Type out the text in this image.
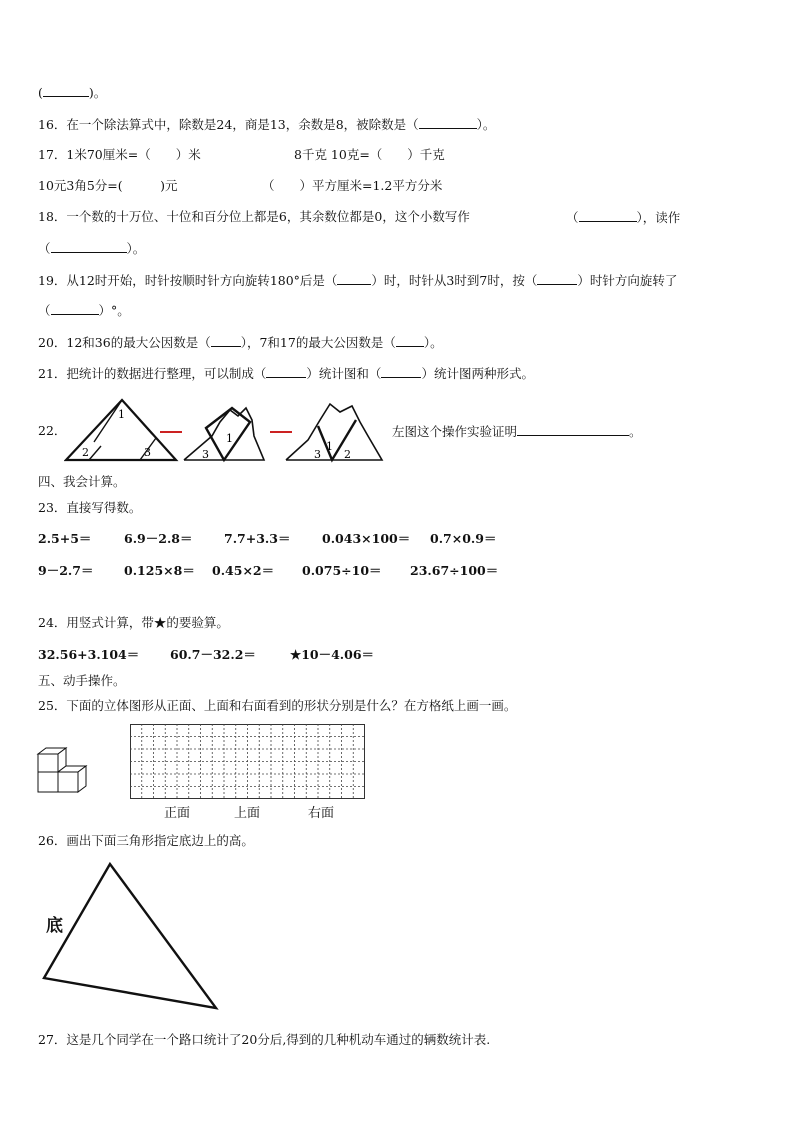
(	)。
16．在一个除法算式中，除数是24，商是13，余数是8，被除数是（	）。
17．1米70厘米=（　　）米	8千克 10克=（　　）千克
10元3角5分=(　　　)元	（　　）平方厘米=1.2平方分米
18．一个数的十万位、十位和百分位上都是6，其余数位都是0，这个小数写作	（	），读作
（	）。
19．从12时开始，时针按顺时针方向旋转180°后是（	）时，时针从3时到7时，按（	）时针方向旋转了
（	）°。
20．12和36的最大公因数是（ ），7和17的最大公因数是（ ）。
21．把统计的数据进行整理，可以制成（	）统计图和（	）统计图两种形式。
22．
1
2	3
1
3	3
1
2
左图这个操作实验证明	。
四、我会计算。
23．直接写得数。
2.5+5＝	6.9－2.8＝	7.7+3.3＝	0.043×100＝ 0.7×0.9＝
9－2.7＝ 0.125×8＝ 0.45×2＝ 0.075÷10＝ 23.67÷100＝
24．用竖式计算，带★的要验算。
32.56+3.104＝ 60.7－32.2＝	★10－4.06＝
五、动手操作。
25．下面的立体图形从正面、上面和右面看到的形状分别是什么？在方格纸上画一画。
正面	上面	右面
26．画出下面三角形指定底边上的高。
底
27．这是几个同学在一个路口统计了20分后,得到的几种机动车通过的辆数统计表.
